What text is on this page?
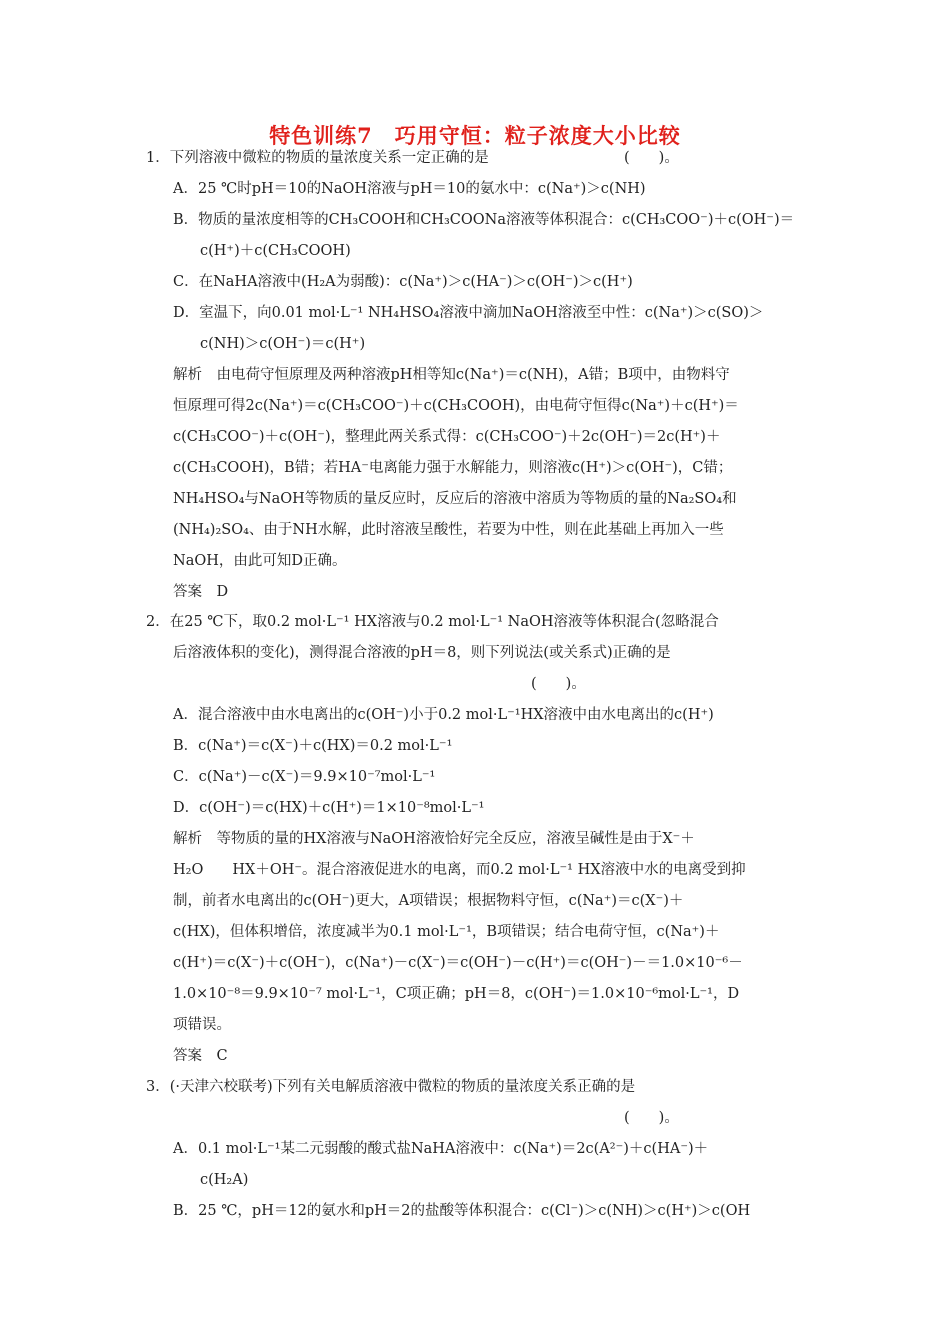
特色训练7　巧用守恒：粒子浓度大小比较
1．下列溶液中微粒的物质的量浓度关系一定正确的是	(　　)。
A．25 ℃时pH＝10的NaOH溶液与pH＝10的氨水中：c(Na⁺)＞c(NH)
B．物质的量浓度相等的CH₃COOH和CH₃COONa溶液等体积混合：c(CH₃COO⁻)＋c(OH⁻)＝
c(H⁺)＋c(CH₃COOH)
C．在NaHA溶液中(H₂A为弱酸)：c(Na⁺)＞c(HA⁻)＞c(OH⁻)＞c(H⁺)
D．室温下，向0.01 mol·L⁻¹ NH₄HSO₄溶液中滴加NaOH溶液至中性：c(Na⁺)＞c(SO)＞
c(NH)＞c(OH⁻)＝c(H⁺)
解析　由电荷守恒原理及两种溶液pH相等知c(Na⁺)＝c(NH)，A错；B项中，由物料守
恒原理可得2c(Na⁺)＝c(CH₃COO⁻)＋c(CH₃COOH)，由电荷守恒得c(Na⁺)＋c(H⁺)＝
c(CH₃COO⁻)＋c(OH⁻)，整理此两关系式得：c(CH₃COO⁻)＋2c(OH⁻)＝2c(H⁺)＋
c(CH₃COOH)，B错；若HA⁻电离能力强于水解能力，则溶液c(H⁺)＞c(OH⁻)，C错；
NH₄HSO₄与NaOH等物质的量反应时，反应后的溶液中溶质为等物质的量的Na₂SO₄和
(NH₄)₂SO₄、由于NH水解，此时溶液呈酸性，若要为中性，则在此基础上再加入一些
NaOH，由此可知D正确。
答案　D
2．在25 ℃下，取0.2 mol·L⁻¹ HX溶液与0.2 mol·L⁻¹ NaOH溶液等体积混合(忽略混合
后溶液体积的变化)，测得混合溶液的pH＝8，则下列说法(或关系式)正确的是
(　　)。
A．混合溶液中由水电离出的c(OH⁻)小于0.2 mol·L⁻¹HX溶液中由水电离出的c(H⁺)
B．c(Na⁺)＝c(X⁻)＋c(HX)＝0.2 mol·L⁻¹
C．c(Na⁺)－c(X⁻)＝9.9×10⁻⁷mol·L⁻¹
D．c(OH⁻)＝c(HX)＋c(H⁺)＝1×10⁻⁸mol·L⁻¹
解析　等物质的量的HX溶液与NaOH溶液恰好完全反应，溶液呈碱性是由于X⁻＋
H₂O　　HX＋OH⁻。混合溶液促进水的电离，而0.2 mol·L⁻¹ HX溶液中水的电离受到抑
制，前者水电离出的c(OH⁻)更大，A项错误；根据物料守恒，c(Na⁺)＝c(X⁻)＋
c(HX)，但体积增倍，浓度减半为0.1 mol·L⁻¹，B项错误；结合电荷守恒，c(Na⁺)＋
c(H⁺)＝c(X⁻)＋c(OH⁻)，c(Na⁺)－c(X⁻)＝c(OH⁻)－c(H⁺)＝c(OH⁻)－＝1.0×10⁻⁶－
1.0×10⁻⁸＝9.9×10⁻⁷ mol·L⁻¹，C项正确；pH＝8，c(OH⁻)＝1.0×10⁻⁶mol·L⁻¹，D
项错误。
答案　C
3．(·天津六校联考)下列有关电解质溶液中微粒的物质的量浓度关系正确的是
(　　)。
A．0.1 mol·L⁻¹某二元弱酸的酸式盐NaHA溶液中：c(Na⁺)＝2c(A²⁻)＋c(HA⁻)＋
c(H₂A)
B．25 ℃，pH＝12的氨水和pH＝2的盐酸等体积混合：c(Cl⁻)＞c(NH)＞c(H⁺)＞c(OH
